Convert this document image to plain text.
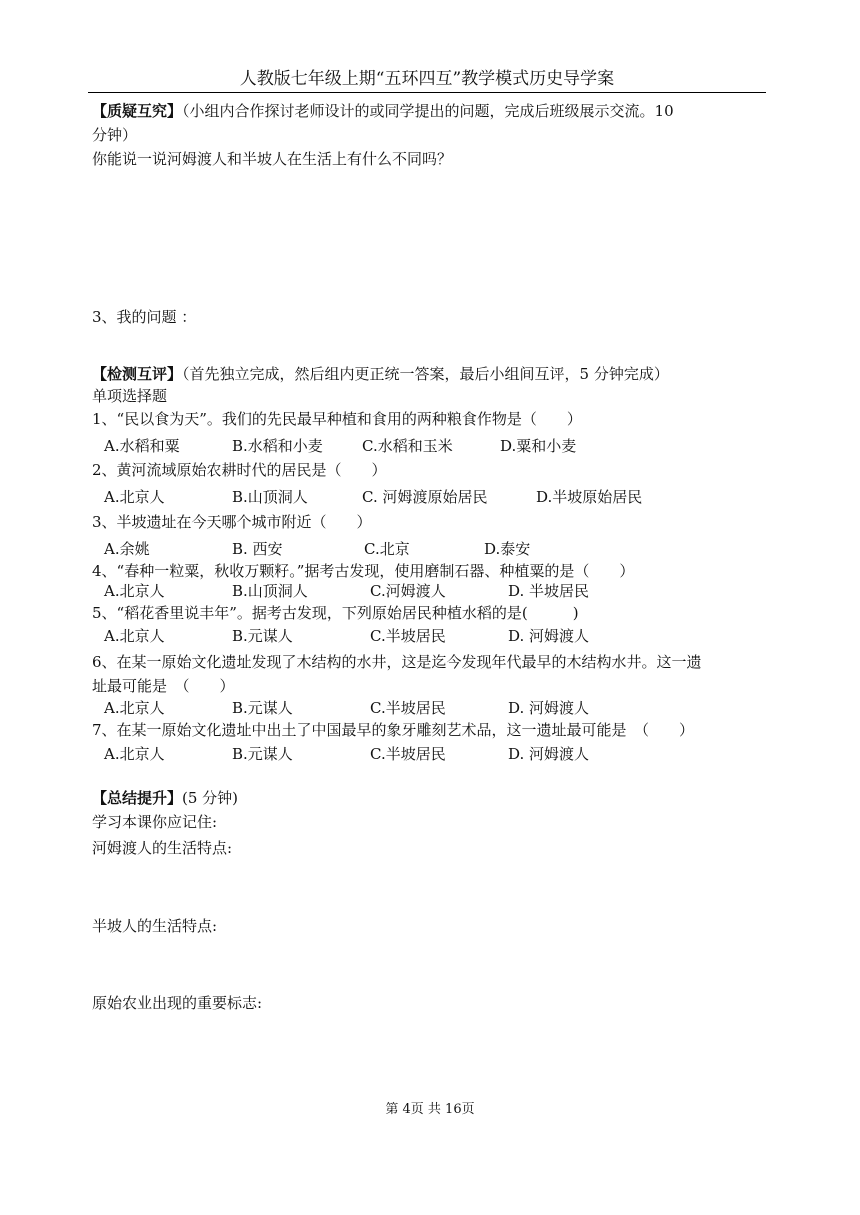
人教版七年级上期“五环四互”教学模式历史导学案
【质疑互究】（小组内合作探讨老师设计的或同学提出的问题，完成后班级展示交流。10
分钟）
你能说一说河姆渡人和半坡人在生活上有什么不同吗？
3、我的问题 ：
【检测互评】（首先独立完成，然后组内更正统一答案，最后小组间互评，5 分钟完成）
单项选择题
1、“民以食为天”。我们的先民最早种植和食用的两种粮食作物是（　　）
A.水稻和粟	B.水稻和小麦	C.水稻和玉米	D.粟和小麦
2、黄河流域原始农耕时代的居民是（　　）
A.北京人	B.山顶洞人	C. 河姆渡原始居民	D.半坡原始居民
3、半坡遗址在今天哪个城市附近（　　）
A.余姚	B. 西安	C.北京	D.泰安
4、“春种一粒粟，秋收万颗籽。”据考古发现，使用磨制石器、种植粟的是（　　）
A.北京人	B.山顶洞人	C.河姆渡人	D. 半坡居民
5、“稻花香里说丰年”。据考古发现，下列原始居民种植水稻的是(　　　)
A.北京人	B.元谋人	C.半坡居民	D. 河姆渡人
6、在某一原始文化遗址发现了木结构的水井，这是迄今发现年代最早的木结构水井。这一遗
址最可能是　（　　）
A.北京人	B.元谋人	C.半坡居民	D. 河姆渡人
7、在某一原始文化遗址中出土了中国最早的象牙雕刻艺术品，这一遗址最可能是　（　　）
A.北京人	B.元谋人	C.半坡居民	D. 河姆渡人
【总结提升】(5 分钟)
学习本课你应记住:
河姆渡人的生活特点:
半坡人的生活特点:
原始农业出现的重要标志:
第 4页 共 16页
